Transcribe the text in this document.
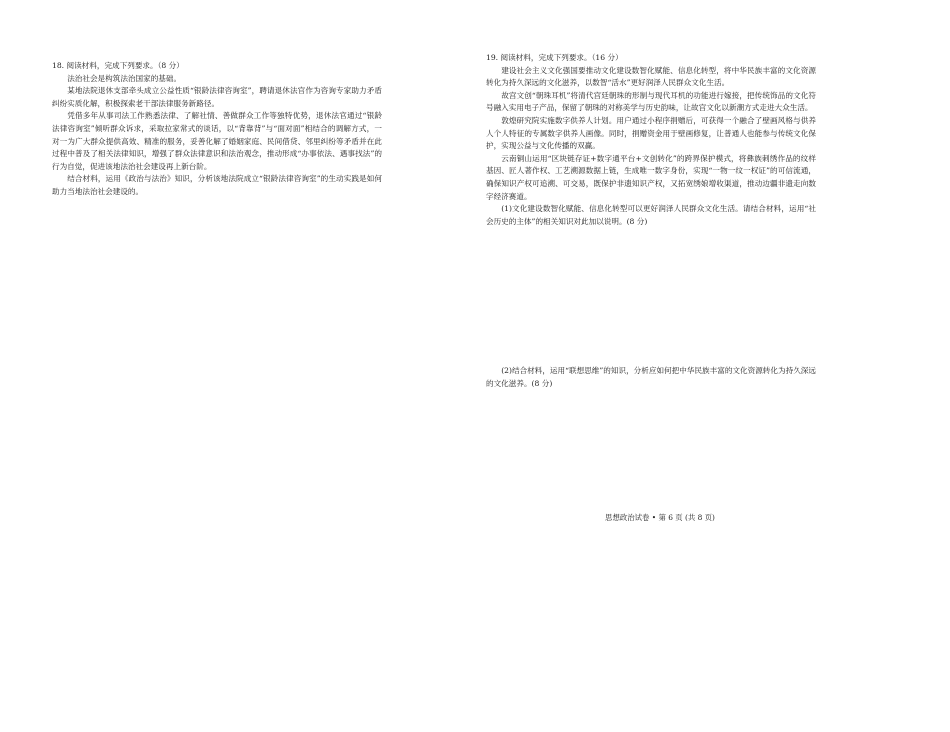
18. 阅读材料，完成下列要求。（8 分）

法治社会是构筑法治国家的基础。

某地法院退休支部牵头成立公益性质“银龄法律咨询室”，聘请退休法官作为咨询专家助力矛盾纠纷实质化解，积极探索老干部法律服务新路径。

凭借多年从事司法工作熟悉法律、了解社情、善做群众工作等独特优势，退休法官通过“银龄法律咨询室”倾听群众诉求，采取拉家常式的谈话，以“背靠背”与“面对面”相结合的调解方式，一对一为广大群众提供高效、精准的服务，妥善化解了婚姻家庭、民间借贷、邻里纠纷等矛盾并在此过程中普及了相关法律知识，增强了群众法律意识和法治观念，推动形成“办事依法、遇事找法”的行为自觉，促进该地法治社会建设再上新台阶。

结合材料，运用《政治与法治》知识，分析该地法院成立“银龄法律咨询室”的生动实践是如何助力当地法治社会建设的。

19. 阅读材料，完成下列要求。（16 分）

建设社会主义文化强国要推动文化建设数智化赋能、信息化转型，将中华民族丰富的文化资源转化为持久深远的文化滋养，以数智“活水”更好润泽人民群众文化生活。

故宫文创“朝珠耳机”将清代宫廷朝珠的形制与现代耳机的功能进行嫁接，把传统饰品的文化符号融入实用电子产品，保留了朝珠的对称美学与历史韵味，让故宫文化以新潮方式走进大众生活。

敦煌研究院实施数字供养人计划。用户通过小程序捐赠后，可获得一个融合了壁画风格与供养人个人特征的专属数字供养人画像。同时，捐赠资金用于壁画修复，让普通人也能参与传统文化保护，实现公益与文化传播的双赢。

云南铜山运用“区块链存证+数字通平台+文创转化”的跨界保护模式，将彝族刺绣作品的纹样基因、匠人著作权、工艺溯源数据上链，生成唯一数字身份，实现“一物一纹一权证”的可信流通，确保知识产权可追溯、可交易，既保护非遗知识产权，又拓宽绣娘增收渠道，推动边疆非遗走向数字经济赛道。

(1)文化建设数智化赋能、信息化转型可以更好润泽人民群众文化生活。请结合材料，运用“社会历史的主体”的相关知识对此加以说明。(8 分)
(2)结合材料，运用“联想思维”的知识，分析应如何把中华民族丰富的文化资源转化为持久深远的文化滋养。(8 分)
思想政治试卷 • 第 6 页 (共 8 页)
